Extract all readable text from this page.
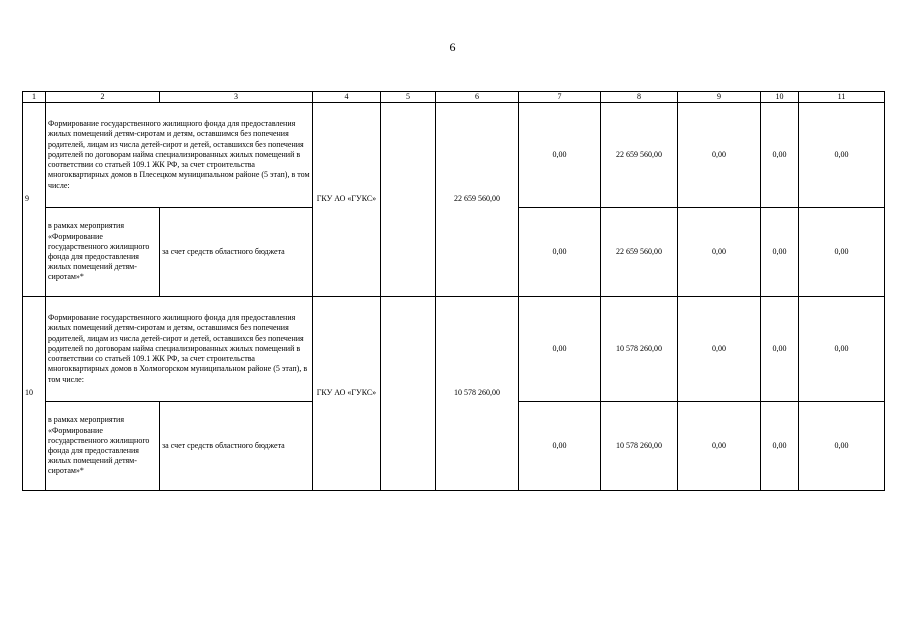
6
1	2	3	4	5	6	7	8	9	10	11
9	Формирование государственного жилищного фонда для предоставления жилых помещений детям-сиротам и детям, оставшимся без попечения родителей, лицам из числа детей-сирот и детей, оставшихся без попечения родителей по договорам найма специализированных жилых помещений в соответствии со статьей 109.1 ЖК РФ, за счет строительства многоквартирных домов в Плесецком муниципальном районе (5 этап), в том числе:		ГКУ АО «ГУКС»		22 659 560,00	0,00	22 659 560,00	0,00	0,00	0,00
	в рамках мероприятия «Формирование государственного жилищного фонда для предоставления жилых помещений детям-сиротам»*	за счет средств областного бюджета				0,00	22 659 560,00	0,00	0,00	0,00
10	Формирование государственного жилищного фонда для предоставления жилых помещений детям-сиротам и детям, оставшимся без попечения родителей, лицам из числа детей-сирот и детей, оставшихся без попечения родителей по договорам найма специализированных жилых помещений в соответствии со статьей 109.1 ЖК РФ, за счет строительства многоквартирных домов в Холмогорском муниципальном районе (5 этап), в том числе:		ГКУ АО «ГУКС»		10 578 260,00	0,00	10 578 260,00	0,00	0,00	0,00
	в рамках мероприятия «Формирование государственного жилищного фонда для предоставления жилых помещений детям-сиротам»*	за счет средств областного бюджета				0,00	10 578 260,00	0,00	0,00	0,00
